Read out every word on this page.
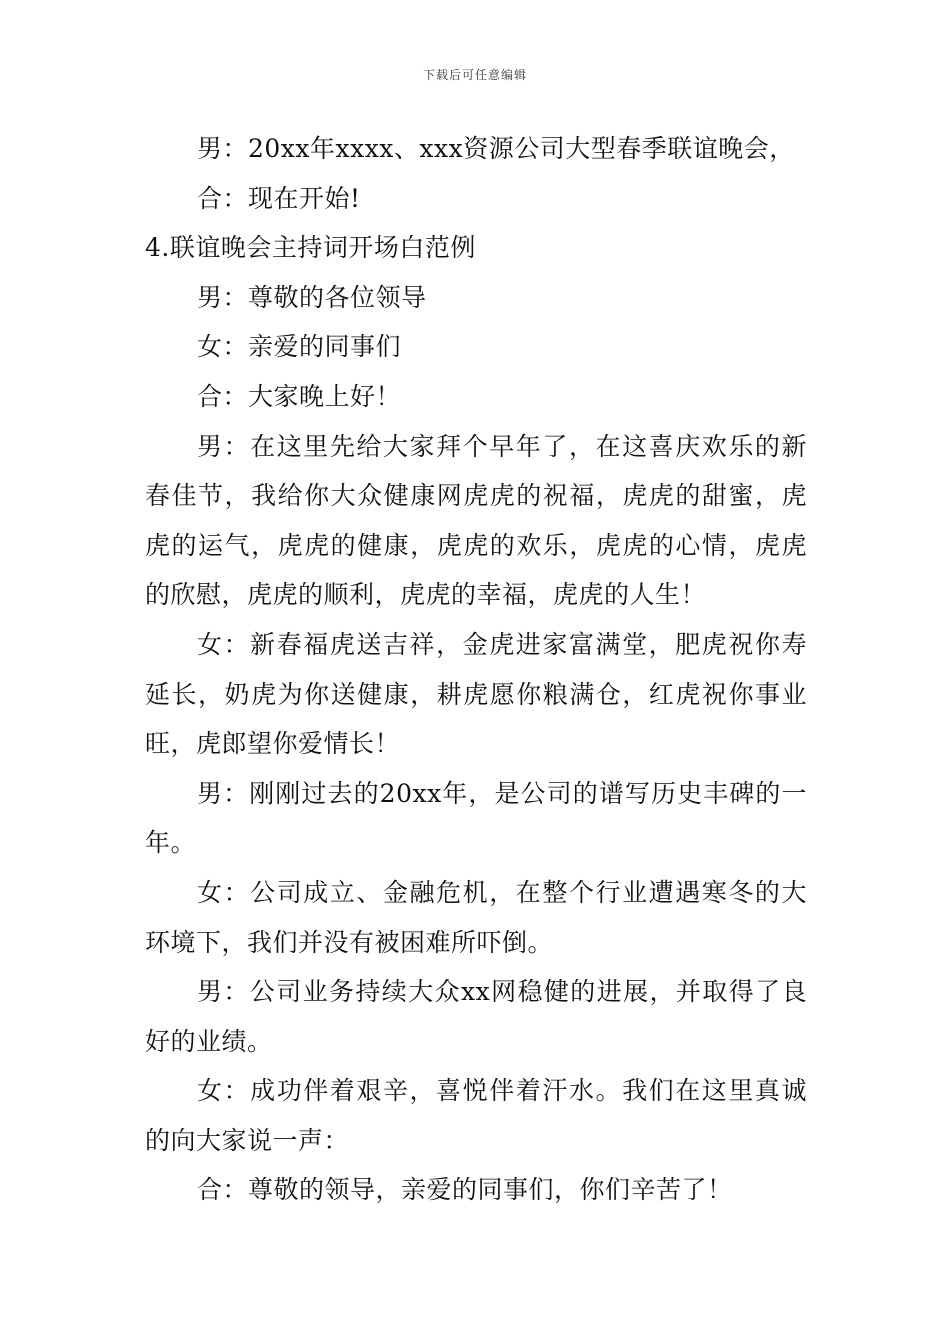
下载后可任意编辑

男：20xx年xxxx、xxx资源公司大型春季联谊晚会，

合：现在开始!

4.联谊晚会主持词开场白范例

男：尊敬的各位领导

女：亲爱的同事们

合：大家晚上好！

男：在这里先给大家拜个早年了，在这喜庆欢乐的新春佳节，我给你大众健康网虎虎的祝福，虎虎的甜蜜，虎虎的运气，虎虎的健康，虎虎的欢乐，虎虎的心情，虎虎的欣慰，虎虎的顺利，虎虎的幸福，虎虎的人生！

女：新春福虎送吉祥，金虎进家富满堂，肥虎祝你寿延长，奶虎为你送健康，耕虎愿你粮满仓，红虎祝你事业旺，虎郎望你爱情长！

男：刚刚过去的20xx年，是公司的谱写历史丰碑的一年。

女：公司成立、金融危机，在整个行业遭遇寒冬的大环境下，我们并没有被困难所吓倒。

男：公司业务持续大众xx网稳健的进展，并取得了良好的业绩。

女：成功伴着艰辛，喜悦伴着汗水。我们在这里真诚的向大家说一声：

合：尊敬的领导，亲爱的同事们，你们辛苦了！
